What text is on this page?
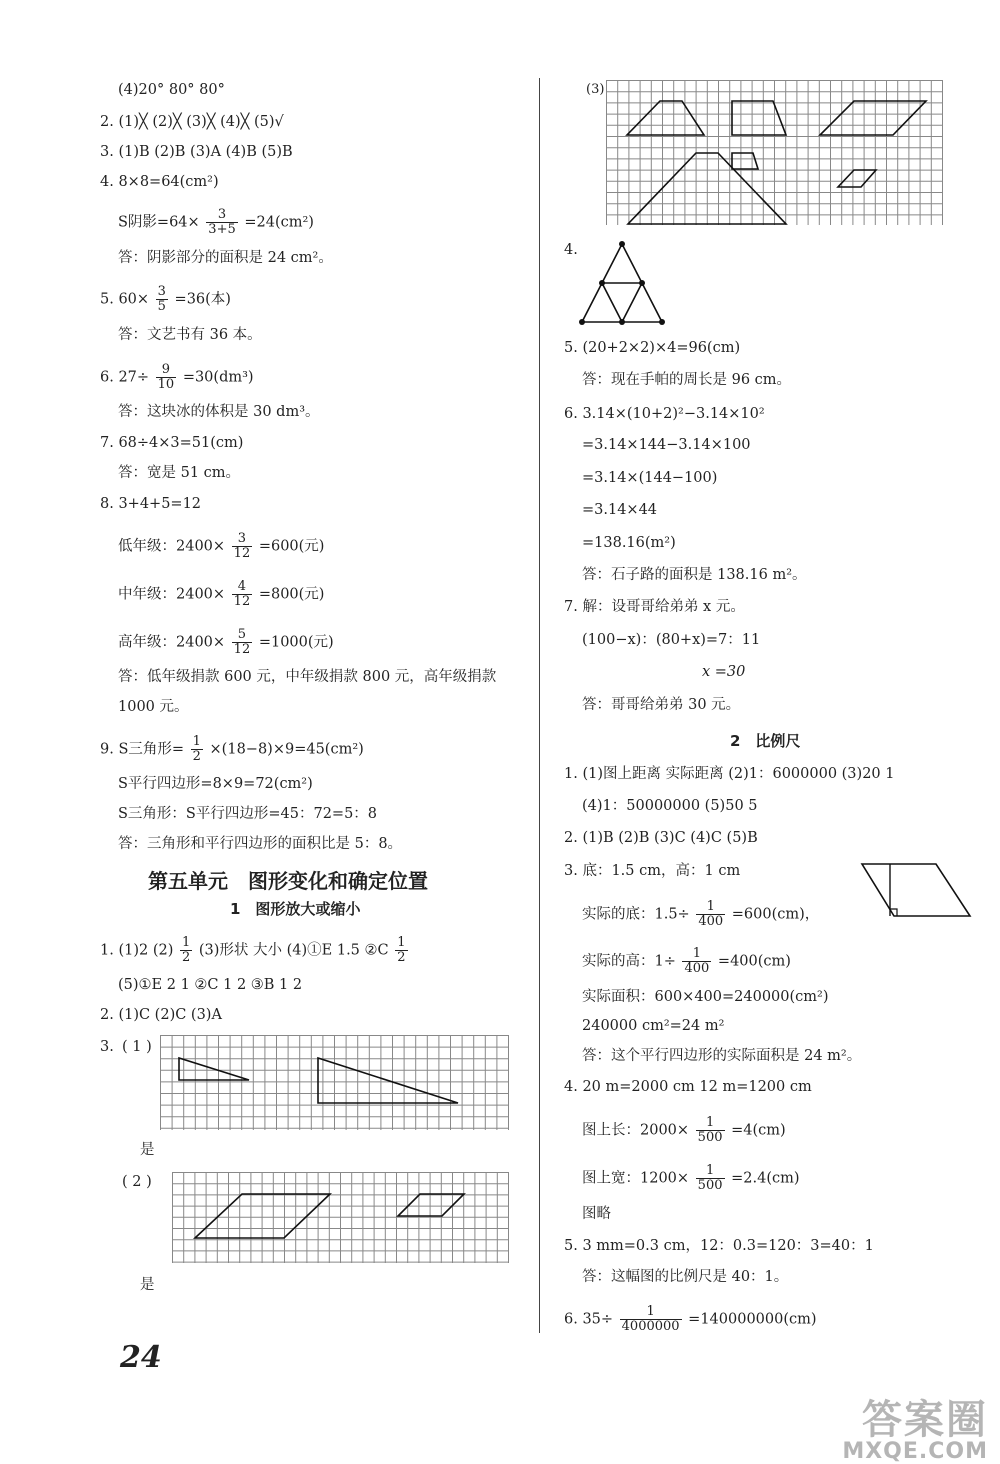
(4)20° 80° 80°
2. (1)╳ (2)╳ (3)╳ (4)╳ (5)√
3. (1)B (2)B (3)A (4)B (5)B
4. 8×8=64(cm²)
S阴影$=64\times \frac{3}{3+5} =24(cm^2)$
答：阴影部分的面积是 24 cm²。
5. $60\times \frac{3}{5} =36$(本)
答：文艺书有 36 本。
6. $27\div \frac{9}{10} =30(dm^3)$
答：这块冰的体积是 30 dm³。
7. 68÷4×3=51(cm)
答：宽是 51 cm。
8. 3+4+5=12
低年级：$2400\times \frac{3}{12} =600$(元)
中年级：$2400\times \frac{4}{12} =800$(元)
高年级：$2400\times \frac{5}{12} =1000$(元)
答：低年级捐款 600 元，中年级捐款 800 元，高年级捐款
1000 元。
9. S三角形= $\frac{1}{2} \times(18-8)\times 9=45(cm^2)$
S平行四边形=8×9=72(cm²)
S三角形：S平行四边形=45：72=5：8
答：三角形和平行四边形的面积比是 5：8。
第五单元　图形变化和确定位置
1　图形放大或缩小
1. (1)2 $(2) \frac{1}{2} (3)$形状 大小 (4)①E 1.5 ②C $\frac{1}{2}$
(5)①E 2 1 ②C 1 2 ③B 1 2
2. (1)C (2)C (3)A
3. ( 1 )
是
( 2 )
是
(3)
4.
5. (20+2×2)×4=96(cm)
答：现在手帕的周长是 96 cm。
6. 3.14×(10+2)²−3.14×10²
=3.14×144−3.14×100
=3.14×(144−100)
=3.14×44
=138.16(m²)
答：石子路的面积是 138.16 m²。
7. 解：设哥哥给弟弟 x 元。
(100−x)：(80+x)=7：11
x =30
答：哥哥给弟弟 30 元。
2　比例尺
1. (1)图上距离 实际距离 (2)1：6000000 (3)20 1
(4)1：50000000 (5)50 5
2. (1)B (2)B (3)C (4)C (5)B
3. 底：1.5 cm，高：1 cm
实际的底：$1.5\div \frac{1}{400} =600(cm)$，
实际的高：$1\div \frac{1}{400} =400(cm)$
实际面积：600×400=240000(cm²)
240000 cm²=24 m²
答：这个平行四边形的实际面积是 24 m²。
4. 20 m=2000 cm 12 m=1200 cm
图上长：$2000\times \frac{1}{500} =4(cm)$
图上宽：$1200\times \frac{1}{500} =2.4(cm)$
图略
5. 3 mm=0.3 cm，12：0.3=120：3=40：1
答：这幅图的比例尺是 40：1。
6. $35\div \frac{1}{4000000} =140000000(cm)$
24
答案圈
MXQE.COM
